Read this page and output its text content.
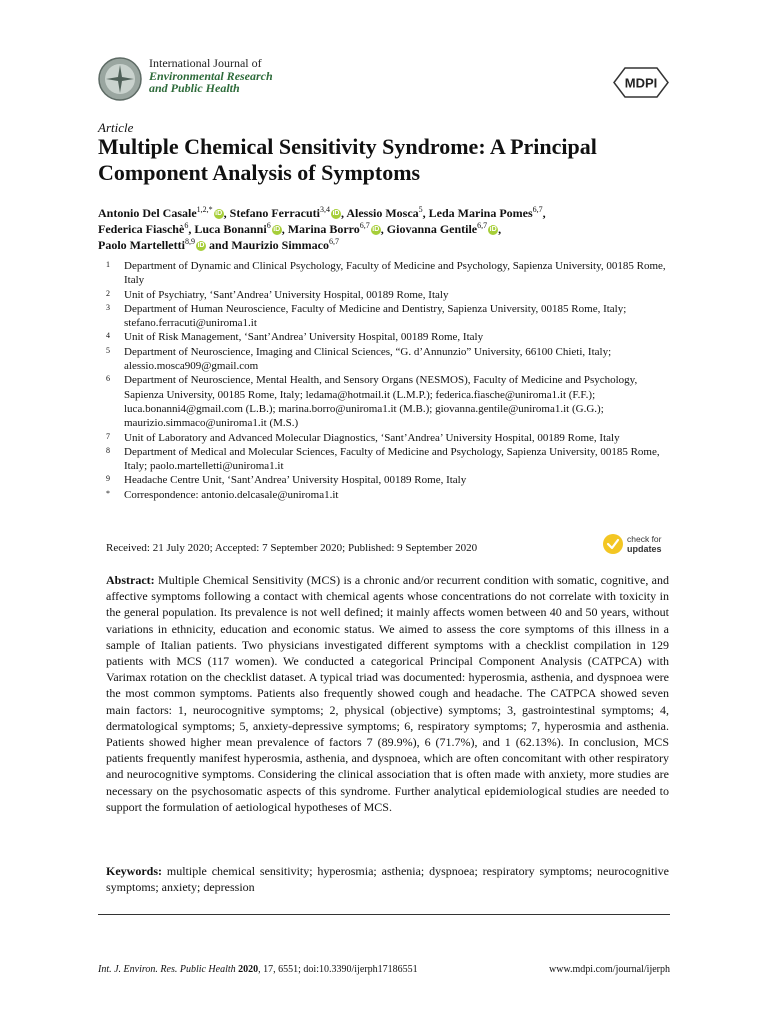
International Journal of
Environmental Research
and Public Health	MDPI
Article
Multiple Chemical Sensitivity Syndrome: A Principal Component Analysis of Symptoms
Antonio Del Casale$^{1,2,*}$ iD , Stefano Ferracuti$^{3,4}$ iD , Alessio Mosca$^5$, Leda Marina Pomes$^{6,7}$,
Federica Fiaschè$^6$, Luca Bonanni$^6$ iD , Marina Borro$^{6,7}$ iD , Giovanna Gentile$^{6,7}$ iD ,
Paolo Martelletti$^{8,9}$ iD and Maurizio Simmaco$^{6,7}$
1	Department of Dynamic and Clinical Psychology, Faculty of Medicine and Psychology, Sapienza University, 00185 Rome, Italy
2	Unit of Psychiatry, ‘Sant’Andrea’ University Hospital, 00189 Rome, Italy
3	Department of Human Neuroscience, Faculty of Medicine and Dentistry, Sapienza University, 00185 Rome, Italy; stefano.ferracuti@uniroma1.it
4	Unit of Risk Management, ‘Sant’Andrea’ University Hospital, 00189 Rome, Italy
5	Department of Neuroscience, Imaging and Clinical Sciences, “G. d’Annunzio” University, 66100 Chieti, Italy; alessio.mosca909@gmail.com
6	Department of Neuroscience, Mental Health, and Sensory Organs (NESMOS), Faculty of Medicine and Psychology, Sapienza University, 00185 Rome, Italy; ledama@hotmail.it (L.M.P.); federica.fiasche@uniroma1.it (F.F.); luca.bonanni4@gmail.com (L.B.); marina.borro@uniroma1.it (M.B.); giovanna.gentile@uniroma1.it (G.G.); maurizio.simmaco@uniroma1.it (M.S.)
7	Unit of Laboratory and Advanced Molecular Diagnostics, ‘Sant’Andrea’ University Hospital, 00189 Rome, Italy
8	Department of Medical and Molecular Sciences, Faculty of Medicine and Psychology, Sapienza University, 00185 Rome, Italy; paolo.martelletti@uniroma1.it
9	Headache Centre Unit, ‘Sant’Andrea’ University Hospital, 00189 Rome, Italy
*	Correspondence: antonio.delcasale@uniroma1.it
Received: 21 July 2020; Accepted: 7 September 2020; Published: 9 September 2020
check for
updates
Abstract: Multiple Chemical Sensitivity (MCS) is a chronic and/or recurrent condition with somatic, cognitive, and affective symptoms following a contact with chemical agents whose concentrations do not correlate with toxicity in the general population. Its prevalence is not well defined; it mainly affects women between 40 and 50 years, without variations in ethnicity, education and economic status. We aimed to assess the core symptoms of this illness in a sample of Italian patients. Two physicians investigated different symptoms with a checklist compilation in 129 patients with MCS (117 women). We conducted a categorical Principal Component Analysis (CATPCA) with Varimax rotation on the checklist dataset. A typical triad was documented: hyperosmia, asthenia, and dyspnoea were the most common symptoms. Patients also frequently showed cough and headache. The CATPCA showed seven main factors: 1, neurocognitive symptoms; 2, physical (objective) symptoms; 3, gastrointestinal symptoms; 4, dermatological symptoms; 5, anxiety-depressive symptoms; 6, respiratory symptoms; 7, hyperosmia and asthenia. Patients showed higher mean prevalence of factors 7 (89.9%), 6 (71.7%), and 1 (62.13%). In conclusion, MCS patients frequently manifest hyperosmia, asthenia, and dyspnoea, which are often concomitant with other respiratory and neurocognitive symptoms. Considering the clinical association that is often made with anxiety, more studies are necessary on the psychosomatic aspects of this syndrome. Further analytical epidemiological studies are needed to support the formulation of aetiological hypotheses of MCS.
Keywords: multiple chemical sensitivity; hyperosmia; asthenia; dyspnoea; respiratory symptoms; neurocognitive symptoms; anxiety; depression
Int. J. Environ. Res. Public Health 2020, 17, 6551; doi:10.3390/ijerph17186551	www.mdpi.com/journal/ijerph
